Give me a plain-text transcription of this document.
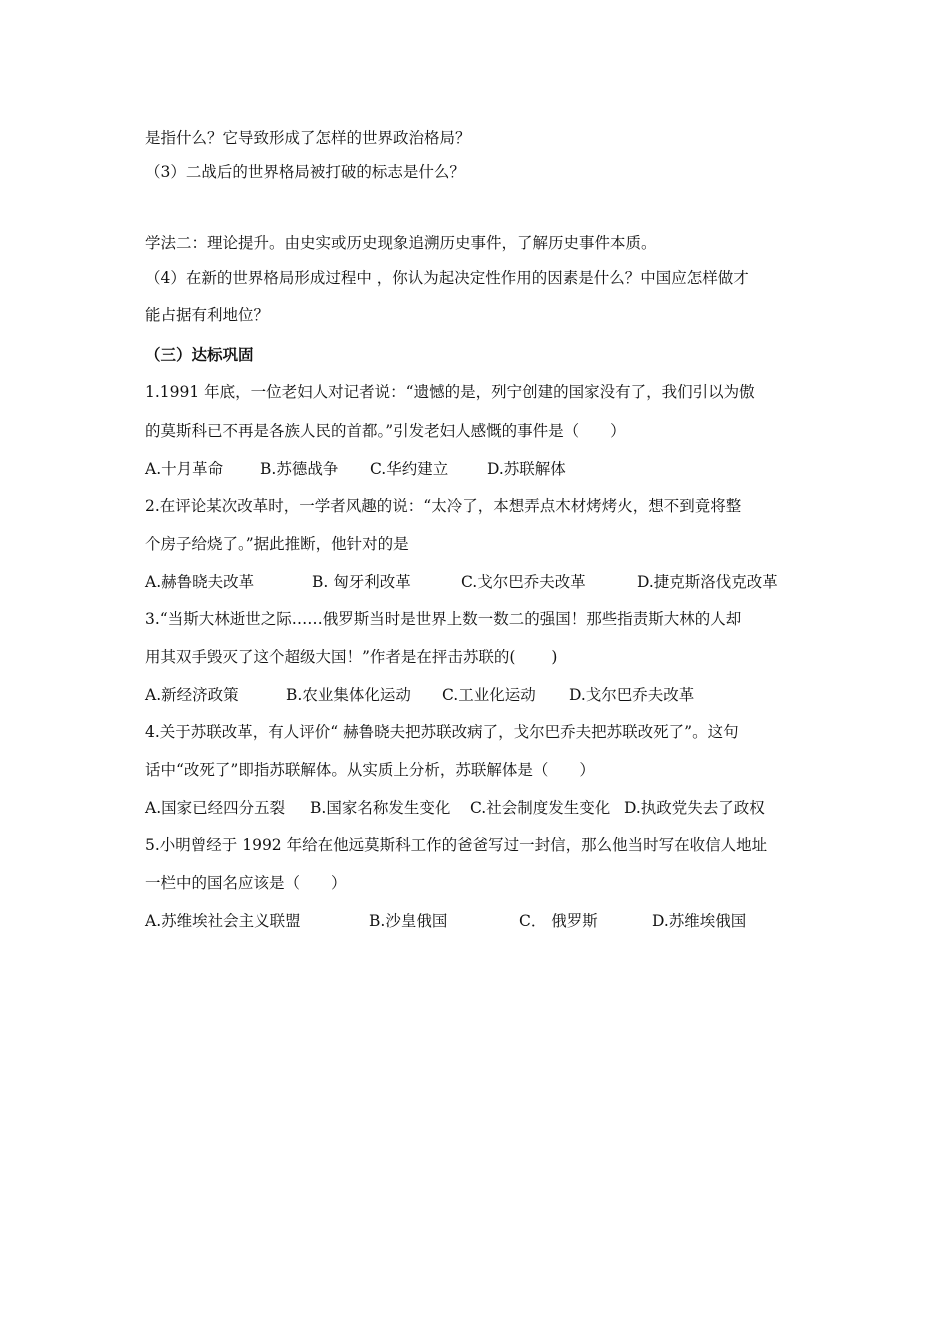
是指什么？它导致形成了怎样的世界政治格局？
（3）二战后的世界格局被打破的标志是什么？
学法二：理论提升。由史实或历史现象追溯历史事件，了解历史事件本质。
（4）在新的世界格局形成过程中 ，你认为起决定性作用的因素是什么？中国应怎样做才
能占据有利地位？
（三）达标巩固
1.1991 年底，一位老妇人对记者说：“遗憾的是，列宁创建的国家没有了，我们引以为傲
的莫斯科已不再是各族人民的首都。”引发老妇人感慨的事件是（　　）
A.十月革命 B.苏德战争 C.华约建立	D.苏联解体
2.在评论某次改革时，一学者风趣的说：“太冷了，本想弄点木材烤烤火，想不到竟将整
个房子给烧了。”据此推断，他针对的是
A.赫鲁晓夫改革	B. 匈牙利改革	C.戈尔巴乔夫改革	D.捷克斯洛伐克改革
3.“当斯大林逝世之际……俄罗斯当时是世界上数一数二的强国！那些指责斯大林的人却
用其双手毁灭了这个超级大国！”作者是在抨击苏联的(　　 )
A.新经济政策	B.农业集体化运动 C.工业化运动 D.戈尔巴乔夫改革
4.关于苏联改革，有人评价“ 赫鲁晓夫把苏联改病了，戈尔巴乔夫把苏联改死了”。这句
话中“改死了”即指苏联解体。从实质上分析，苏联解体是（　　）
A.国家已经四分五裂 B.国家名称发生变化 C.社会制度发生变化 D.执政党失去了政权
5.小明曾经于 1992 年给在他远莫斯科工作的爸爸写过一封信，那么他当时写在收信人地址
一栏中的国名应该是（　　）
A.苏维埃社会主义联盟	B.沙皇俄国	C． 俄罗斯	D.苏维埃俄国
